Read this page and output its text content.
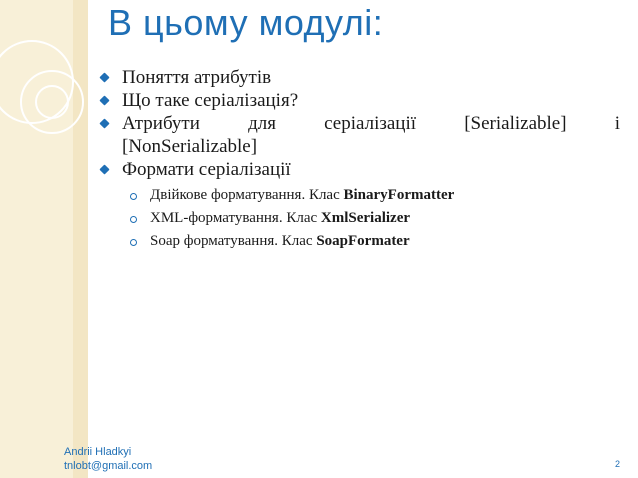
В цьому модулі:
Поняття атрибутів
Що таке серіалізація?
Атрибути для серіалізації [Serializable] і
[NonSerializable]
Формати серіалізації
Двійкове форматування. Клас BinaryFormatter
XML-форматування. Клас XmlSerializer
Soap форматування. Клас SoapFormater
Andrii Hladkyi
tnlobt@gmail.com	2
